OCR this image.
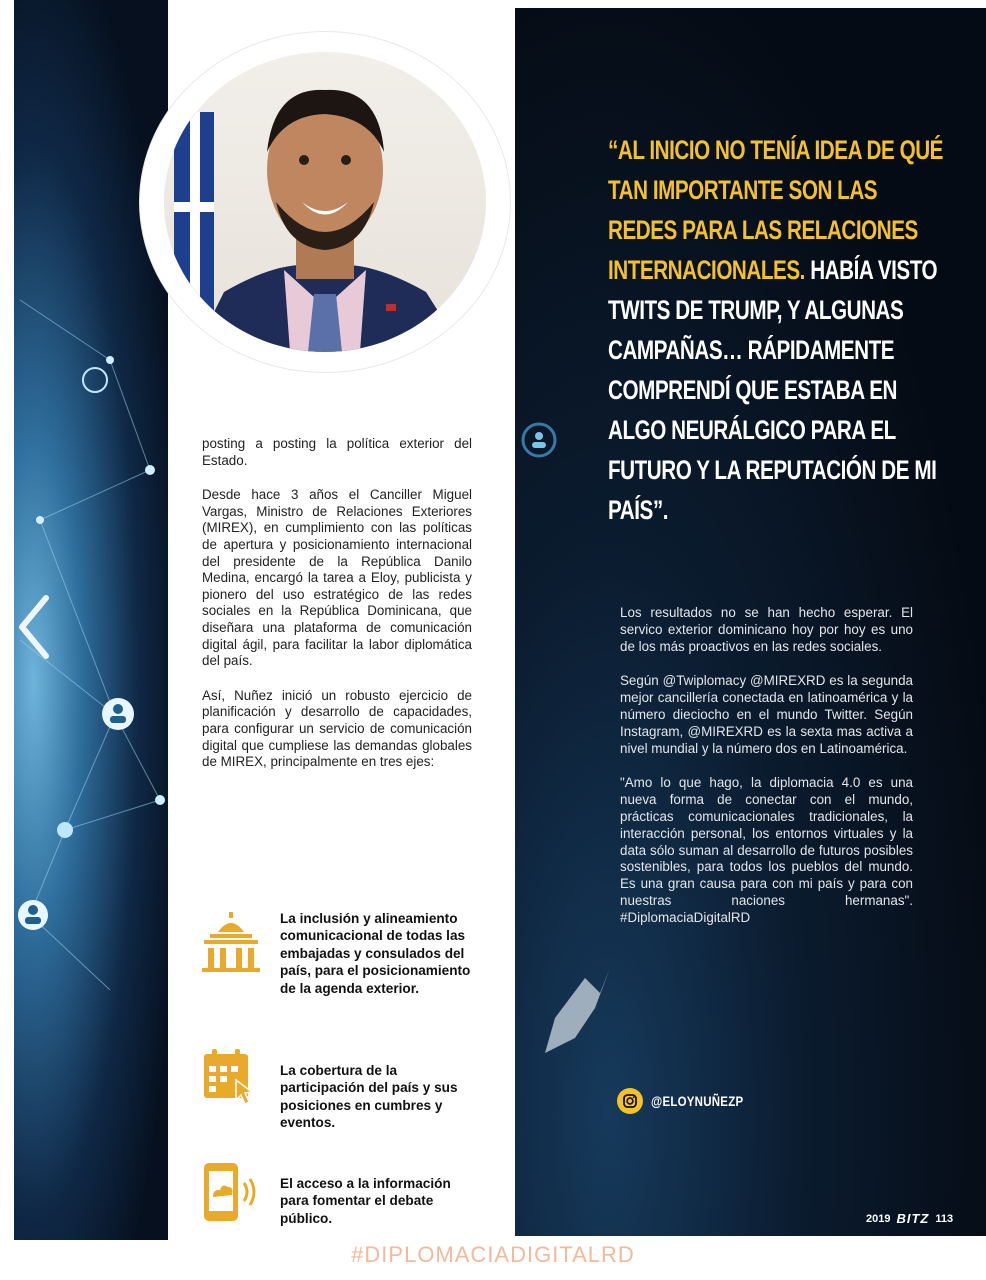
posting a posting la política exterior del Estado.

Desde hace 3 años el Canciller Miguel Vargas, Ministro de Relaciones Exteriores (MIREX), en cumplimiento con las políticas de apertura y posicionamiento internacional del presidente de la República Danilo Medina, encargó la tarea a Eloy, publicista y pionero del uso estratégico de las redes sociales en la República Dominicana, que diseñara una plataforma de comunicación digital ágil, para facilitar la labor diplomática del país.

Así, Nuñez inició un robusto ejercicio de planificación y desarrollo de capacidades, para configurar un servicio de comunicación digital que cumpliese las demandas globales de MIREX, principalmente en tres ejes:

La inclusión y alineamiento comunicacional de todas las embajadas y consulados del país, para el posicionamiento de la agenda exterior.
La cobertura de la participación del país y sus posiciones en cumbres y eventos.
El acceso a la información para fomentar el debate público.
“AL INICIO NO TENÍA IDEA DE QUÉ TAN IMPORTANTE SON LAS REDES PARA LAS RELACIONES INTERNACIONALES. HABÍA VISTO TWITS DE TRUMP, Y ALGUNAS CAMPAÑAS… RÁPIDAMENTE COMPRENDÍ QUE ESTABA EN ALGO NEURÁLGICO PARA EL FUTURO Y LA REPUTACIÓN DE MI PAÍS”.

Los resultados no se han hecho esperar. El servico exterior dominicano hoy por hoy es uno de los más proactivos en las redes sociales.

Según @Twiplomacy @MIREXRD es la segunda mejor cancillería conectada en latinoamérica y la número dieciocho en el mundo Twitter. Según Instagram, @MIREXRD es la sexta mas activa a nivel mundial y la número dos en Latinoamérica.

"Amo lo que hago, la diplomacia 4.0 es una nueva forma de conectar con el mundo, prácticas comunicacionales tradicionales, la interacción personal, los entornos virtuales y la data sólo suman al desarrollo de futuros posibles sostenibles, para todos los pueblos del mundo. Es una gran causa para con mi país y para con nuestras naciones hermanas". #DiplomaciaDigitalRD

@ELOYNUÑEZP
2019 BITZ 113
#DIPLOMACIADIGITALRD
